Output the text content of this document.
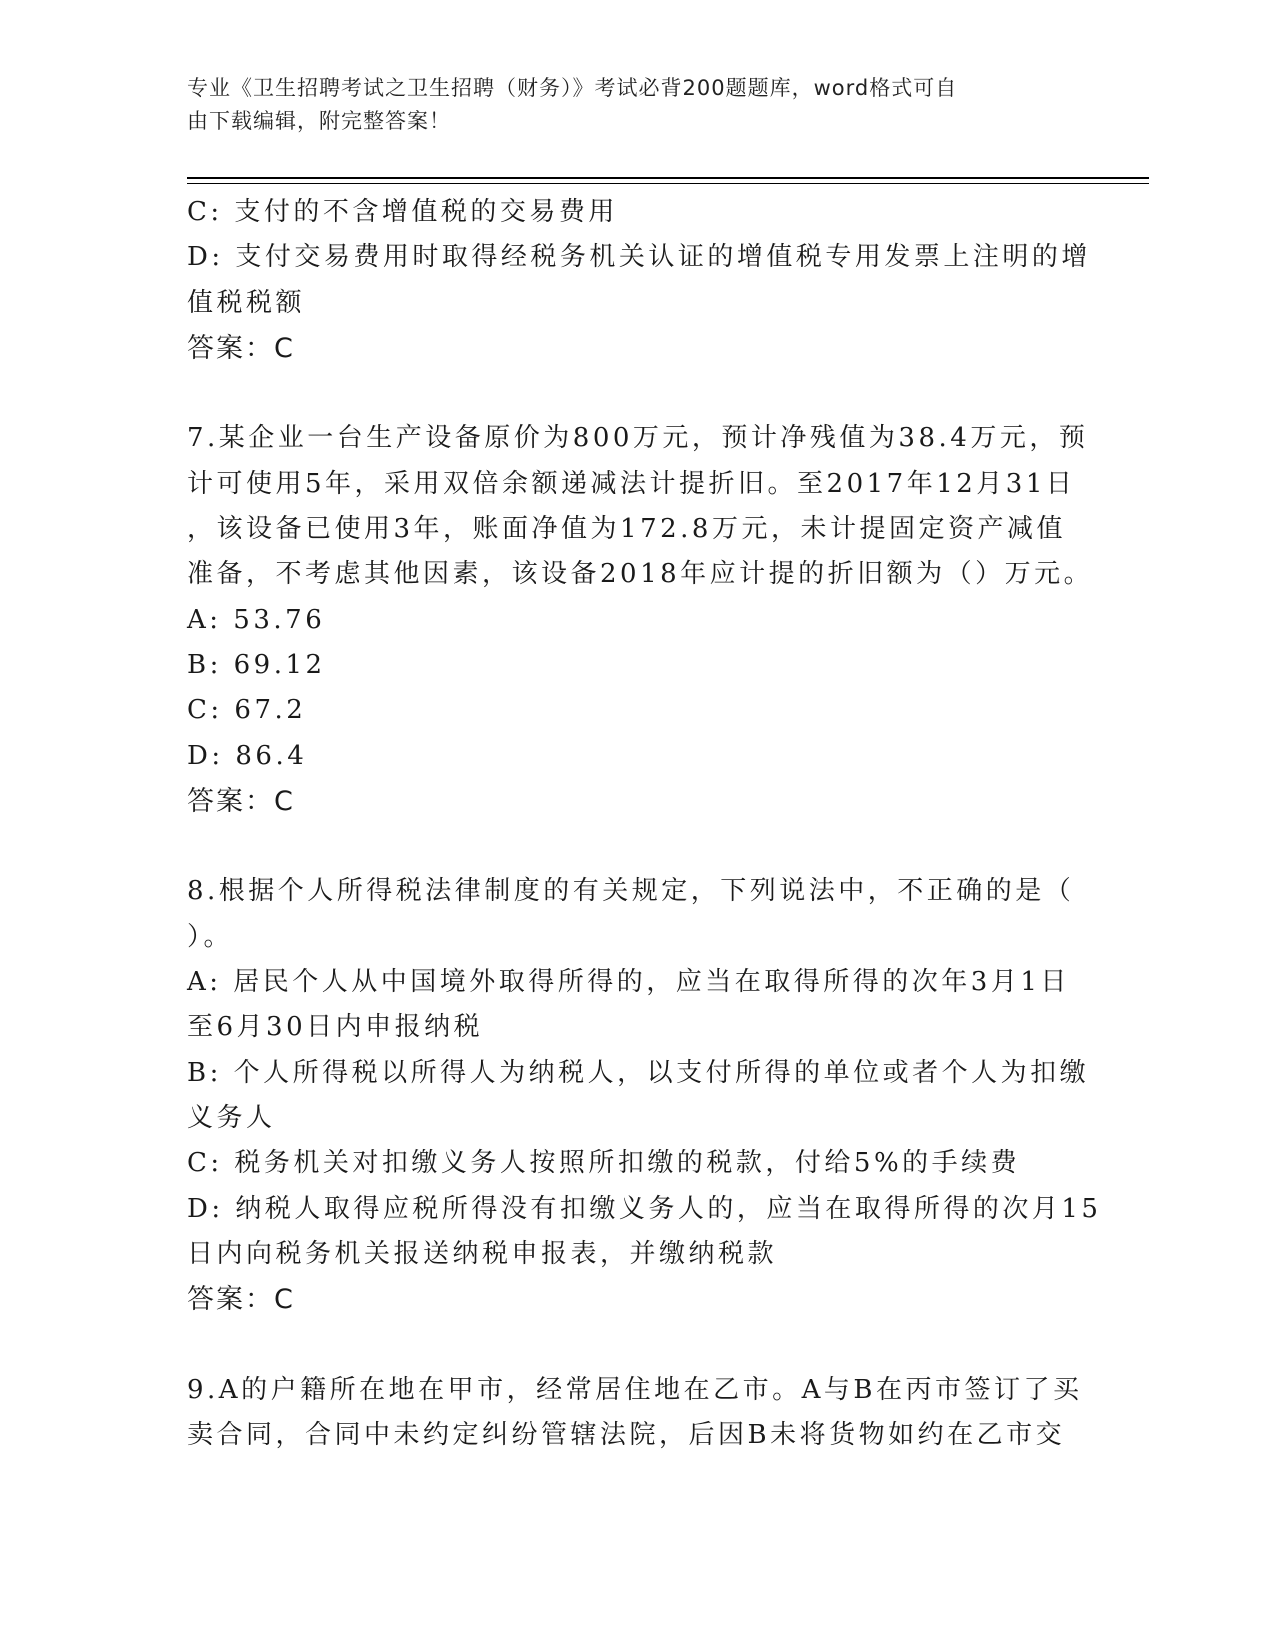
专业《卫生招聘考试之卫生招聘（财务）》考试必背200题题库，word格式可自
由下载编辑，附完整答案！
C: 支付的不含增值税的交易费用
D: 支付交易费用时取得经税务机关认证的增值税专用发票上注明的增
值税税额
答案：C
7.某企业一台生产设备原价为800万元，预计净残值为38.4万元，预
计可使用5年，采用双倍余额递减法计提折旧。至2017年12月31日
，该设备已使用3年，账面净值为172.8万元，未计提固定资产减值
准备，不考虑其他因素，该设备2018年应计提的折旧额为（）万元。
A: 53.76
B: 69.12
C: 67.2
D: 86.4
答案：C
8.根据个人所得税法律制度的有关规定，下列说法中，不正确的是（
）。
A: 居民个人从中国境外取得所得的，应当在取得所得的次年3月1日
至6月30日内申报纳税
B: 个人所得税以所得人为纳税人，以支付所得的单位或者个人为扣缴
义务人
C: 税务机关对扣缴义务人按照所扣缴的税款，付给5%的手续费
D: 纳税人取得应税所得没有扣缴义务人的，应当在取得所得的次月15
日内向税务机关报送纳税申报表，并缴纳税款
答案：C
9.A的户籍所在地在甲市，经常居住地在乙市。A与B在丙市签订了买
卖合同，合同中未约定纠纷管辖法院，后因B未将货物如约在乙市交
